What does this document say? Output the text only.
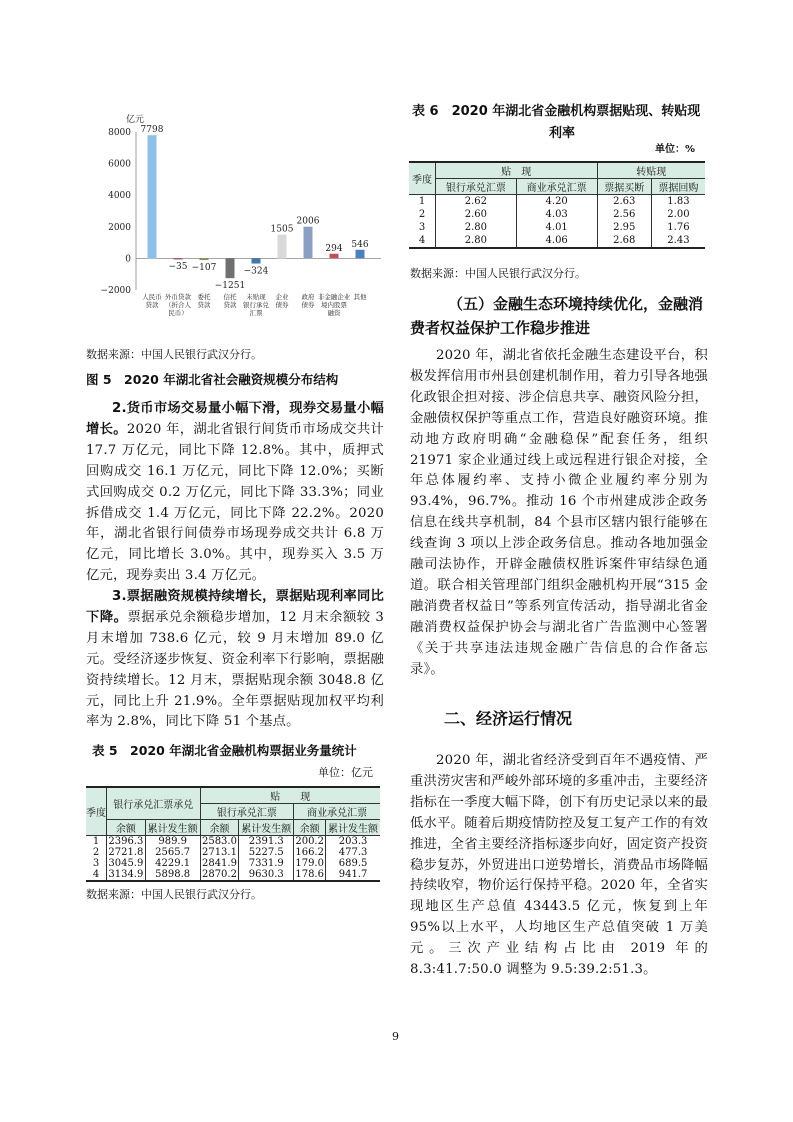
亿元
8000
6000
4000
2000
0
−2000
7798
−35 −107
−1251
−324
1505
2006
294 546
人民币贷款
外币贷款（折合人民币）
委托贷款
信托贷款
未贴现银行承兑汇票
企业债券
政府债券
非金融企业境内股票融资
其他
数据来源：中国人民银行武汉分行。
图 5　2020 年湖北省社会融资规模分布结构
2.货币市场交易量小幅下滑，现券交易量小幅增长。2020 年，湖北省银行间货币市场成交共计 17.7 万亿元，同比下降 12.8%。其中，质押式回购成交 16.1 万亿元，同比下降 12.0%；买断式回购成交 0.2 万亿元，同比下降 33.3%；同业拆借成交 1.4 万亿元，同比下降 22.2%。2020 年，湖北省银行间债券市场现券成交共计 6.8 万亿元，同比增长 3.0%。其中，现券买入 3.5 万亿元，现券卖出 3.4 万亿元。
3.票据融资规模持续增长，票据贴现利率同比下降。票据承兑余额稳步增加，12 月末余额较 3 月末增加 738.6 亿元，较 9 月末增加 89.0 亿元。受经济逐步恢复、资金利率下行影响，票据融资持续增长。12 月末，票据贴现余额 3048.8 亿元，同比上升 21.9%。全年票据贴现加权平均利率为 2.8%，同比下降 51 个基点。
表 5　2020 年湖北省金融机构票据业务量统计
单位：亿元
季度	银行承兑汇票承兑		贴　　现			
			银行承兑汇票		商业承兑汇票	
	余额	累计发生额	余额	累计发生额	余额	累计发生额
1	2396.3	989.9	2583.0	2391.3	200.2	203.3
2	2721.8	2565.7	2713.1	5227.5	166.2	477.3
3	3045.9	4229.1	2841.9	7331.9	179.0	689.5
4	3134.9	5898.8	2870.2	9630.3	178.6	941.7
数据来源：中国人民银行武汉分行。
表 6　2020 年湖北省金融机构票据贴现、转贴现
利率
单位：%
季度	贴　现		转贴现	
	银行承兑汇票	商业承兑汇票	票据买断	票据回购
1	2.62	4.20	2.63	1.83
2	2.60	4.03	2.56	2.00
3	2.80	4.01	2.95	1.76
4	2.80	4.06	2.68	2.43
数据来源：中国人民银行武汉分行。
（五）金融生态环境持续优化，金融消费者权益保护工作稳步推进
2020 年，湖北省依托金融生态建设平台，积极发挥信用市州县创建机制作用，着力引导各地强化政银企担对接、涉企信息共享、融资风险分担，金融债权保护等重点工作，营造良好融资环境。推动地方政府明确“金融稳保”配套任务，组织 21971 家企业通过线上或远程进行银企对接，全年总体履约率、支持小微企业履约率分别为 93.4%，96.7%。推动 16 个市州建成涉企政务信息在线共享机制，84 个县市区辖内银行能够在线查询 3 项以上涉企政务信息。推动各地加强金融司法协作，开辟金融债权胜诉案件审结绿色通道。联合相关管理部门组织金融机构开展“315 金融消费者权益日”等系列宣传活动，指导湖北省金融消费权益保护协会与湖北省广告监测中心签署《关于共享违法违规金融广告信息的合作备忘录》。
二、经济运行情况
2020 年，湖北省经济受到百年不遇疫情、严重洪涝灾害和严峻外部环境的多重冲击，主要经济指标在一季度大幅下降，创下有历史记录以来的最低水平。随着后期疫情防控及复工复产工作的有效推进，全省主要经济指标逐步向好，固定资产投资稳步复苏，外贸进出口逆势增长，消费品市场降幅持续收窄，物价运行保持平稳。2020 年，全省实现地区生产总值 43443.5 亿元，恢复到上年 95%以上水平，人均地区生产总值突破 1 万美元。三次产业结构占比由 2019 年的 8.3:41.7:50.0 调整为 9.5:39.2:51.3。
9
